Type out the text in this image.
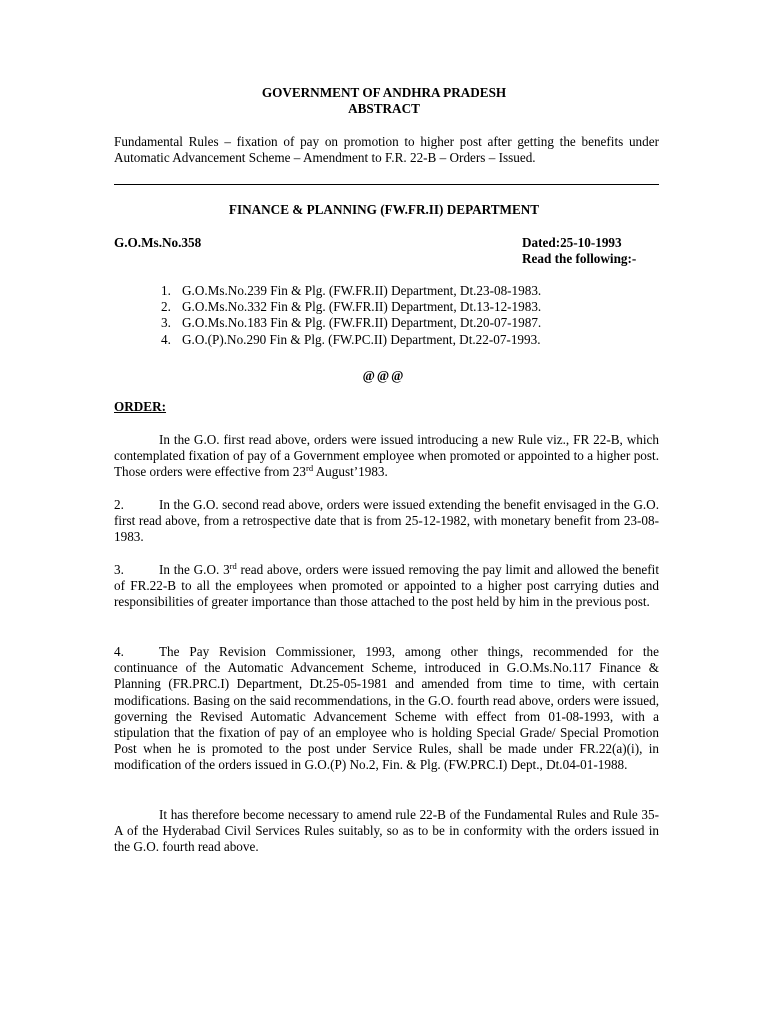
GOVERNMENT OF ANDHRA PRADESH
ABSTRACT
Fundamental Rules – fixation of pay on promotion to higher post after getting the benefits under Automatic Advancement Scheme – Amendment to F.R. 22-B – Orders – Issued.
FINANCE & PLANNING (FW.FR.II) DEPARTMENT
G.O.Ms.No.358	Dated:25-10-1993
Read the following:-
1. G.O.Ms.No.239 Fin & Plg. (FW.FR.II) Department, Dt.23-08-1983.
2. G.O.Ms.No.332 Fin & Plg. (FW.FR.II) Department, Dt.13-12-1983.
3. G.O.Ms.No.183 Fin & Plg. (FW.FR.II) Department, Dt.20-07-1987.
4. G.O.(P).No.290 Fin & Plg. (FW.PC.II) Department, Dt.22-07-1993.
@@@
ORDER:
In the G.O. first read above, orders were issued introducing a new Rule viz., FR 22-B, which contemplated fixation of pay of a Government employee when promoted or appointed to a higher post. Those orders were effective from 23rd August’1983.
2.	In the G.O. second read above, orders were issued extending the benefit envisaged in the G.O. first read above, from a retrospective date that is from 25-12-1982, with monetary benefit from 23-08-1983.
3.	In the G.O. 3rd read above, orders were issued removing the pay limit and allowed the benefit of FR.22-B to all the employees when promoted or appointed to a higher post carrying duties and responsibilities of greater importance than those attached to the post held by him in the previous post.
4.	The Pay Revision Commissioner, 1993, among other things, recommended for the continuance of the Automatic Advancement Scheme, introduced in G.O.Ms.No.117 Finance & Planning (FR.PRC.I) Department, Dt.25-05-1981 and amended from time to time, with certain modifications. Basing on the said recommendations, in the G.O. fourth read above, orders were issued, governing the Revised Automatic Advancement Scheme with effect from 01-08-1993, with a stipulation that the fixation of pay of an employee who is holding Special Grade/ Special Promotion Post when he is promoted to the post under Service Rules, shall be made under FR.22(a)(i), in modification of the orders issued in G.O.(P) No.2, Fin. & Plg. (FW.PRC.I) Dept., Dt.04-01-1988.
It has therefore become necessary to amend rule 22-B of the Fundamental Rules and Rule 35-A of the Hyderabad Civil Services Rules suitably, so as to be in conformity with the orders issued in the G.O. fourth read above.
